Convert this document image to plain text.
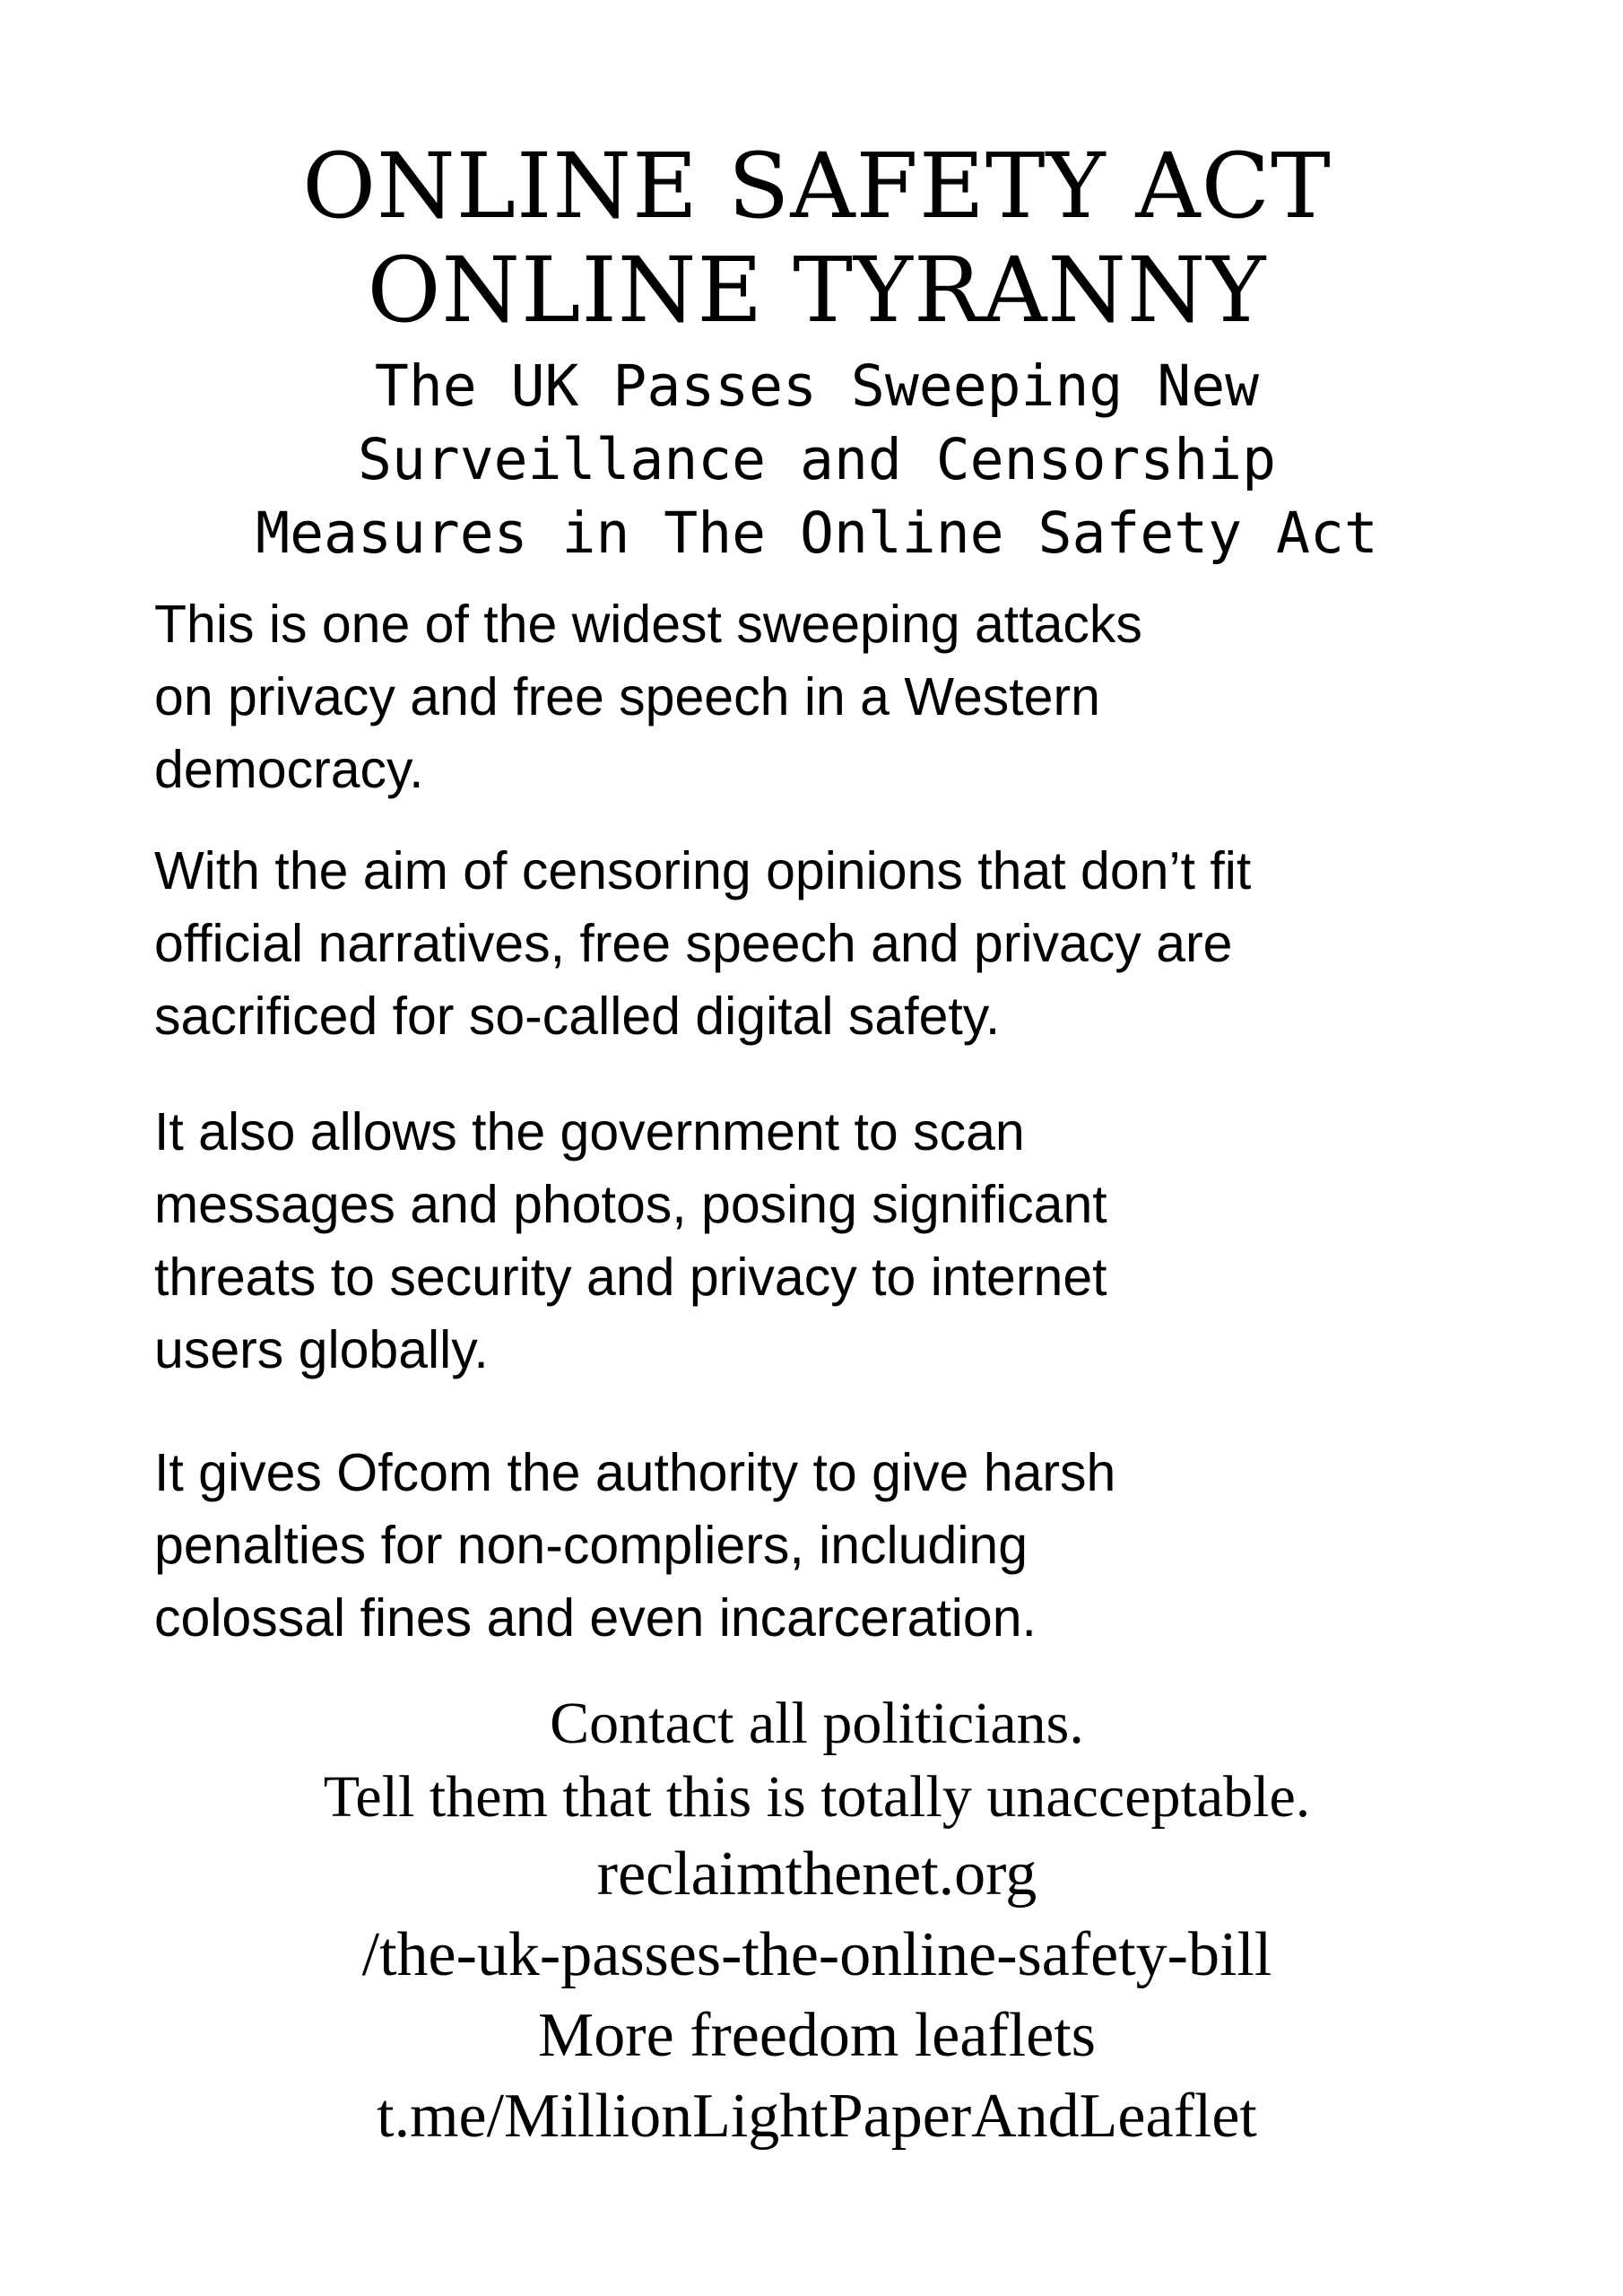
ONLINE SAFETY ACT
ONLINE TYRANNY
The UK Passes Sweeping New
Surveillance and Censorship
Measures in The Online Safety Act

This is one of the widest sweeping attacks
on privacy and free speech in a Western
democracy.

With the aim of censoring opinions that don’t fit
official narratives, free speech and privacy are
sacrificed for so-called digital safety.

It also allows the government to scan
messages and photos, posing significant
threats to security and privacy to internet
users globally.

It gives Ofcom the authority to give harsh
penalties for non-compliers, including
colossal fines and even incarceration.

Contact all politicians.
Tell them that this is totally unacceptable.
reclaimthenet.org
/the-uk-passes-the-online-safety-bill
More freedom leaflets
t.me/MillionLightPaperAndLeaflet
